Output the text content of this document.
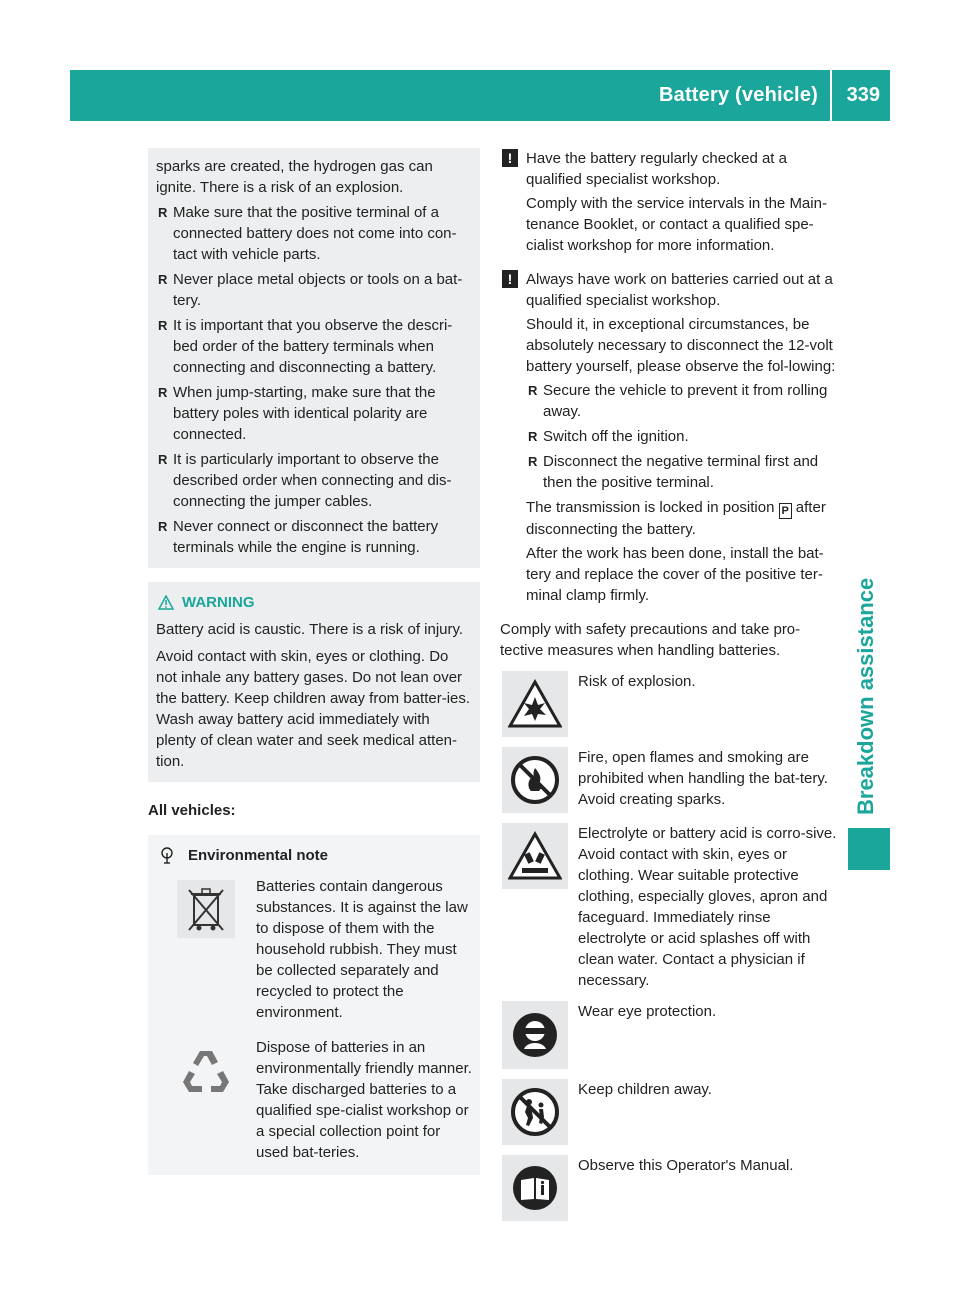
Battery (vehicle) 339
Breakdown assistance
sparks are created, the hydrogen gas can ignite. There is a risk of an explosion.
R Make sure that the positive terminal of a connected battery does not come into con-tact with vehicle parts.
R Never place metal objects or tools on a bat-tery.
R It is important that you observe the descri-bed order of the battery terminals when connecting and disconnecting a battery.
R When jump-starting, make sure that the battery poles with identical polarity are connected.
R It is particularly important to observe the described order when connecting and dis-connecting the jumper cables.
R Never connect or disconnect the battery terminals while the engine is running.
WARNING

Battery acid is caustic. There is a risk of injury.

Avoid contact with skin, eyes or clothing. Do not inhale any battery gases. Do not lean over the battery. Keep children away from batter-ies. Wash away battery acid immediately with plenty of clean water and seek medical atten-tion.

All vehicles:
Environmental note
Batteries contain dangerous substances. It is against the law to dispose of them with the household rubbish. They must be collected separately and recycled to protect the environment.
Dispose of batteries in an environmentally friendly manner. Take discharged batteries to a qualified spe-cialist workshop or a special collection point for used bat-teries.
! Have the battery regularly checked at a qualified specialist workshop.

Comply with the service intervals in the Main-tenance Booklet, or contact a qualified spe-cialist workshop for more information.

! Always have work on batteries carried out at a qualified specialist workshop.

Should it, in exceptional circumstances, be absolutely necessary to disconnect the 12-volt battery yourself, please observe the fol-lowing:

R Secure the vehicle to prevent it from rolling away.
R Switch off the ignition.
R Disconnect the negative terminal first and then the positive terminal.

The transmission is locked in position P after disconnecting the battery.

After the work has been done, install the bat-tery and replace the cover of the positive ter-minal clamp firmly.

Comply with safety precautions and take pro-tective measures when handling batteries.
Risk of explosion.
Fire, open flames and smoking are prohibited when handling the bat-tery. Avoid creating sparks.
Electrolyte or battery acid is corro-sive. Avoid contact with skin, eyes or clothing. Wear suitable protective clothing, especially gloves, apron and faceguard. Immediately rinse electrolyte or acid splashes off with clean water. Contact a physician if necessary.
Wear eye protection.
Keep children away.
Observe this Operator's Manual.
